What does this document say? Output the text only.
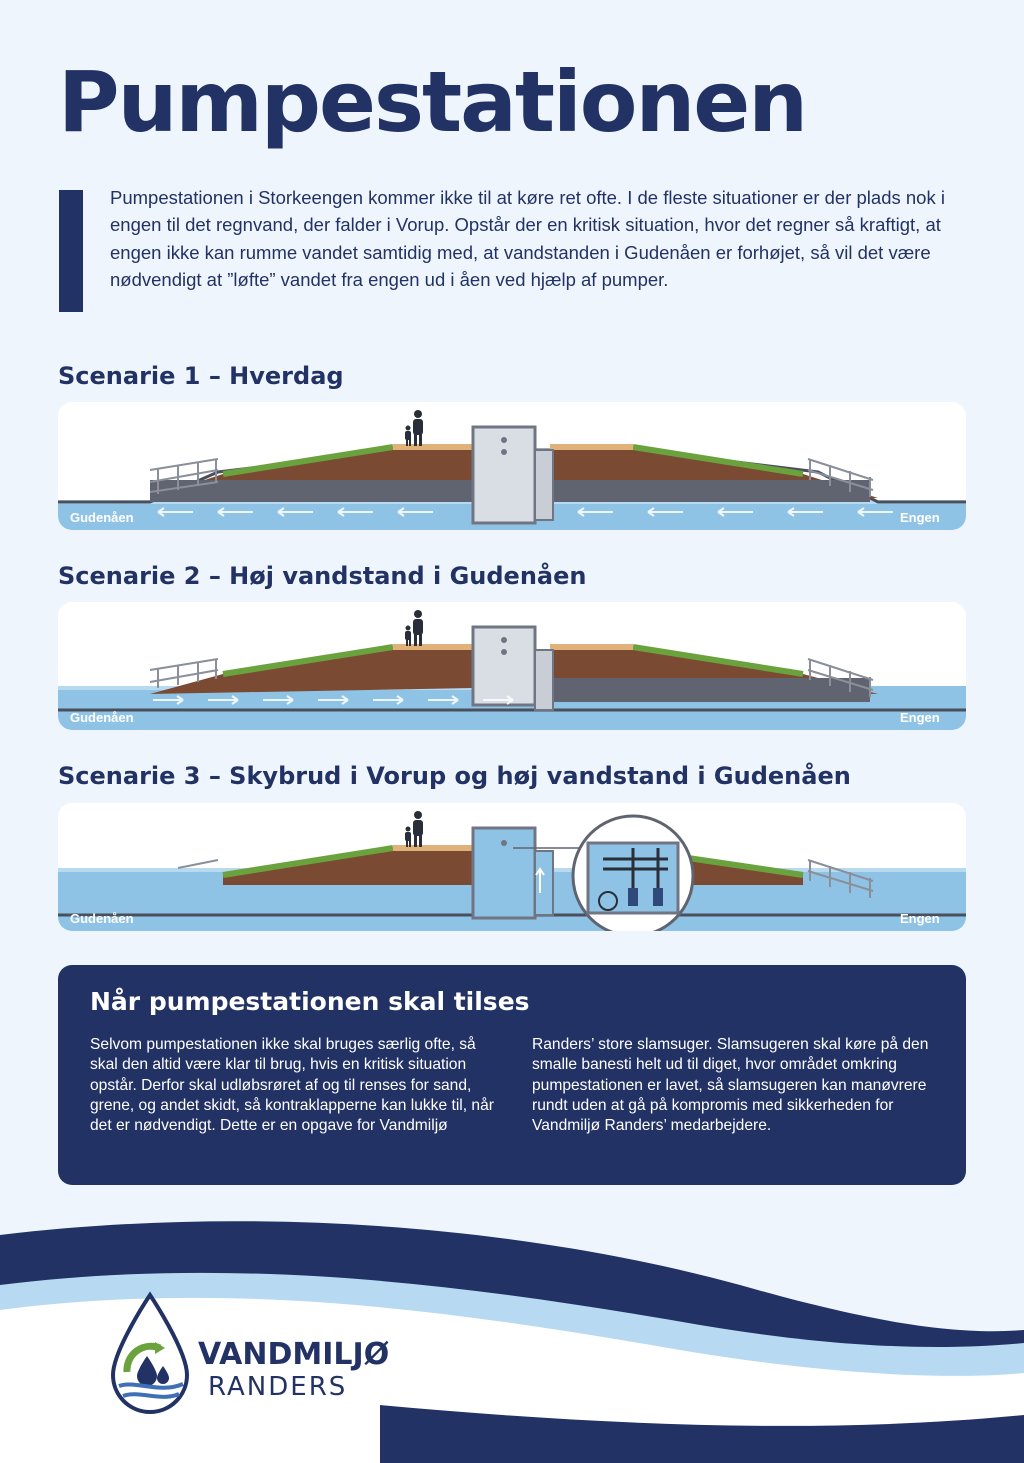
Pumpestationen

Pumpestationen i Storkeengen kommer ikke til at køre ret ofte. I de fleste situationer er der plads nok i engen til det regnvand, der falder i Vorup. Opstår der en kritisk situation, hvor det regner så kraftigt, at engen ikke kan rumme vandet samtidig med, at vandstanden i Gudenåen er forhøjet, så vil det være nødvendigt at ”løfte” vandet fra engen ud i åen ved hjælp af pumper.

Scenarie 1 – Hverdag
Gudenåen	Engen
Scenarie 2 – Høj vandstand i Gudenåen
Gudenåen	Engen
Scenarie 3 – Skybrud i Vorup og høj vandstand i Gudenåen
Gudenåen	Engen
Når pumpestationen skal tilses

Selvom pumpestationen ikke skal bruges særlig ofte, så skal den altid være klar til brug, hvis en kritisk situation opstår. Derfor skal udløbsrøret af og til renses for sand, grene, og andet skidt, så kontraklapperne kan lukke til, når det er nødvendigt. Dette er en opgave for Vandmiljø

Randers’ store slamsuger. Slamsugeren skal køre på den smalle banesti helt ud til diget, hvor området omkring pumpestationen er lavet, så slamsugeren kan manøvrere rundt uden at gå på kompromis med sikkerheden for Vandmiljø Randers’ medarbejdere.

VANDMILJØ
RANDERS
